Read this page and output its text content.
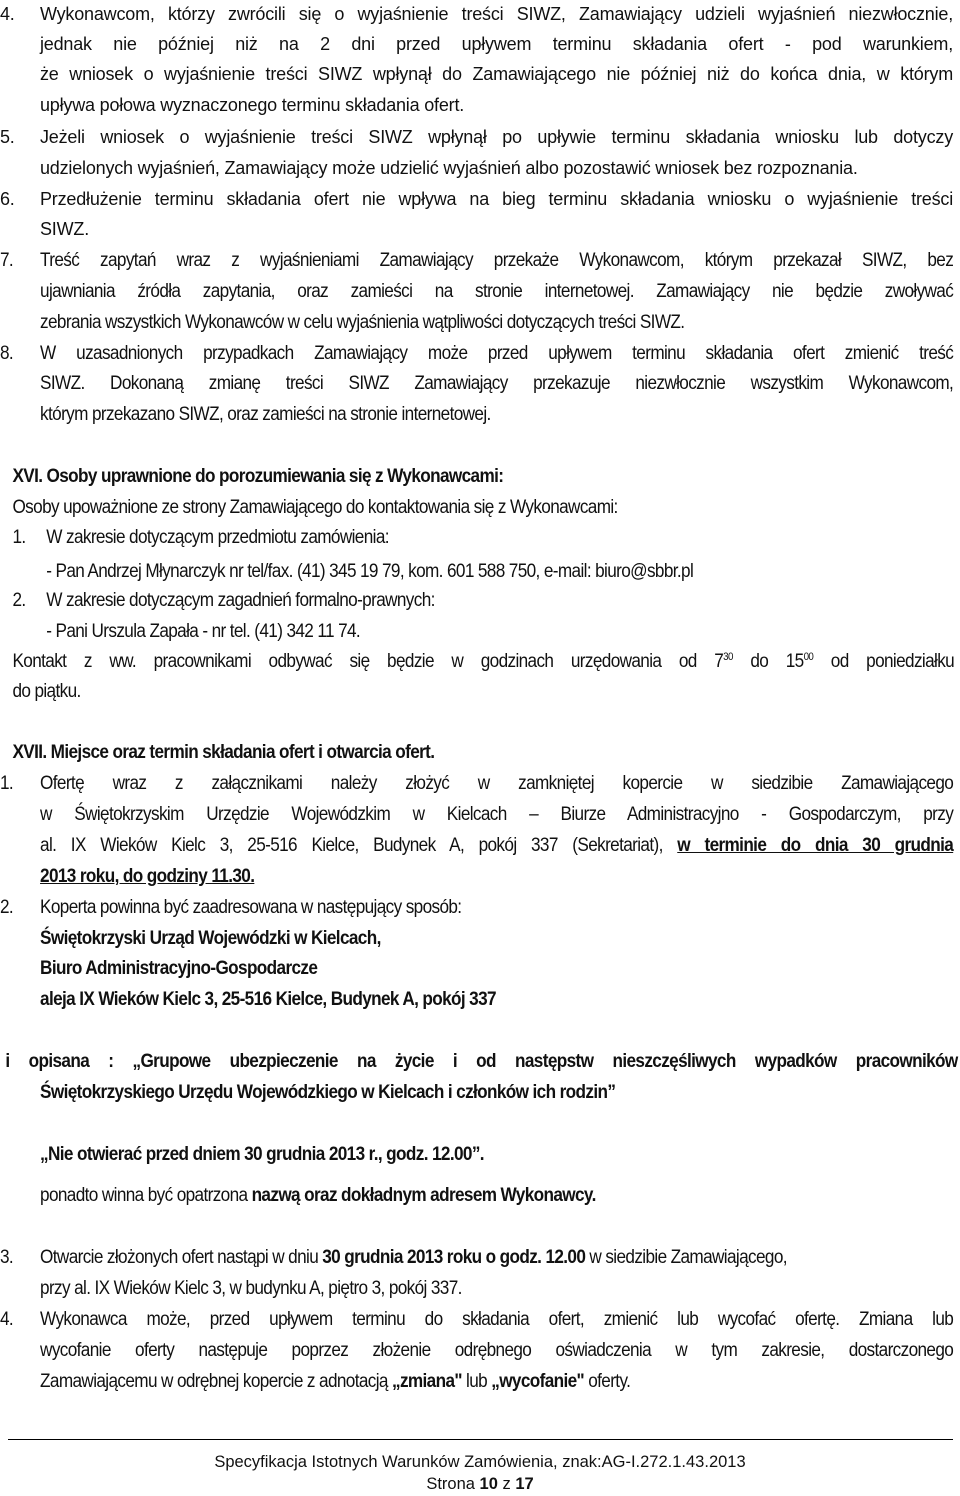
4. Wykonawcom, którzy zwrócili się o wyjaśnienie treści SIWZ, Zamawiający udzieli wyjaśnień niezwłocznie,
jednak nie później niż na 2 dni przed upływem terminu składania ofert - pod warunkiem,
że wniosek o wyjaśnienie treści SIWZ wpłynął do Zamawiającego nie później niż do końca dnia, w którym
upływa połowa wyznaczonego terminu składania ofert.
5. Jeżeli wniosek o wyjaśnienie treści SIWZ wpłynął po upływie terminu składania wniosku lub dotyczy
udzielonych wyjaśnień, Zamawiający może udzielić wyjaśnień albo pozostawić wniosek bez rozpoznania.
6. Przedłużenie terminu składania ofert nie wpływa na bieg terminu składania wniosku o wyjaśnienie treści
SIWZ.
7. Treść zapytań wraz z wyjaśnieniami Zamawiający przekaże Wykonawcom, którym przekazał SIWZ, bez
ujawniania źródła zapytania, oraz zamieści na stronie internetowej. Zamawiający nie będzie zwoływać
zebrania wszystkich Wykonawców w celu wyjaśnienia wątpliwości dotyczących treści SIWZ.
8. W uzasadnionych przypadkach Zamawiający może przed upływem terminu składania ofert zmienić treść
SIWZ. Dokonaną zmianę treści SIWZ Zamawiający przekazuje niezwłocznie wszystkim Wykonawcom,
którym przekazano SIWZ, oraz zamieści na stronie internetowej.
XVI. Osoby uprawnione do porozumiewania się z Wykonawcami:
Osoby upoważnione ze strony Zamawiającego do kontaktowania się z Wykonawcami:
1. W zakresie dotyczącym przedmiotu zamówienia:
- Pan Andrzej Młynarczyk nr tel/fax. (41) 345 19 79, kom. 601 588 750, e-mail: biuro@sbbr.pl
2. W zakresie dotyczącym zagadnień formalno-prawnych:
- Pani Urszula Zapała - nr tel. (41) 342 11 74.
Kontakt z ww. pracownikami odbywać się będzie w godzinach urzędowania od $7^{30}$ do $15^{00}$ od poniedziałku
do piątku.
XVII. Miejsce oraz termin składania ofert i otwarcia ofert.
1. Ofertę wraz z załącznikami należy złożyć w zamkniętej kopercie w siedzibie Zamawiającego
w Świętokrzyskim Urzędzie Wojewódzkim w Kielcach – Biurze Administracyjno - Gospodarczym, przy
al. IX Wieków Kielc 3, 25-516 Kielce, Budynek A, pokój 337 (Sekretariat), w terminie do dnia 30 grudnia
2013 roku, do godziny 11.30.
2. Koperta powinna być zaadresowana w następujący sposób:
Świętokrzyski Urząd Wojewódzki w Kielcach,
Biuro Administracyjno-Gospodarcze
aleja IX Wieków Kielc 3, 25-516 Kielce, Budynek A, pokój 337
i opisana : „Grupowe ubezpieczenie na życie i od następstw nieszczęśliwych wypadków pracowników
Świętokrzyskiego Urzędu Wojewódzkiego w Kielcach i członków ich rodzin”
„Nie otwierać przed dniem 30 grudnia 2013 r., godz. 12.00”.
ponadto winna być opatrzona nazwą oraz dokładnym adresem Wykonawcy.
3. Otwarcie złożonych ofert nastąpi w dniu 30 grudnia 2013 roku o godz. 12.00 w siedzibie Zamawiającego,
przy al. IX Wieków Kielc 3, w budynku A, piętro 3, pokój 337.
4. Wykonawca może, przed upływem terminu do składania ofert, zmienić lub wycofać ofertę. Zmiana lub
wycofanie oferty następuje poprzez złożenie odrębnego oświadczenia w tym zakresie, dostarczonego
Zamawiającemu w odrębnej kopercie z adnotacją „zmiana" lub „wycofanie" oferty.
Specyfikacja Istotnych Warunków Zamówienia, znak:AG-I.272.1.43.2013
Strona 10 z 17
